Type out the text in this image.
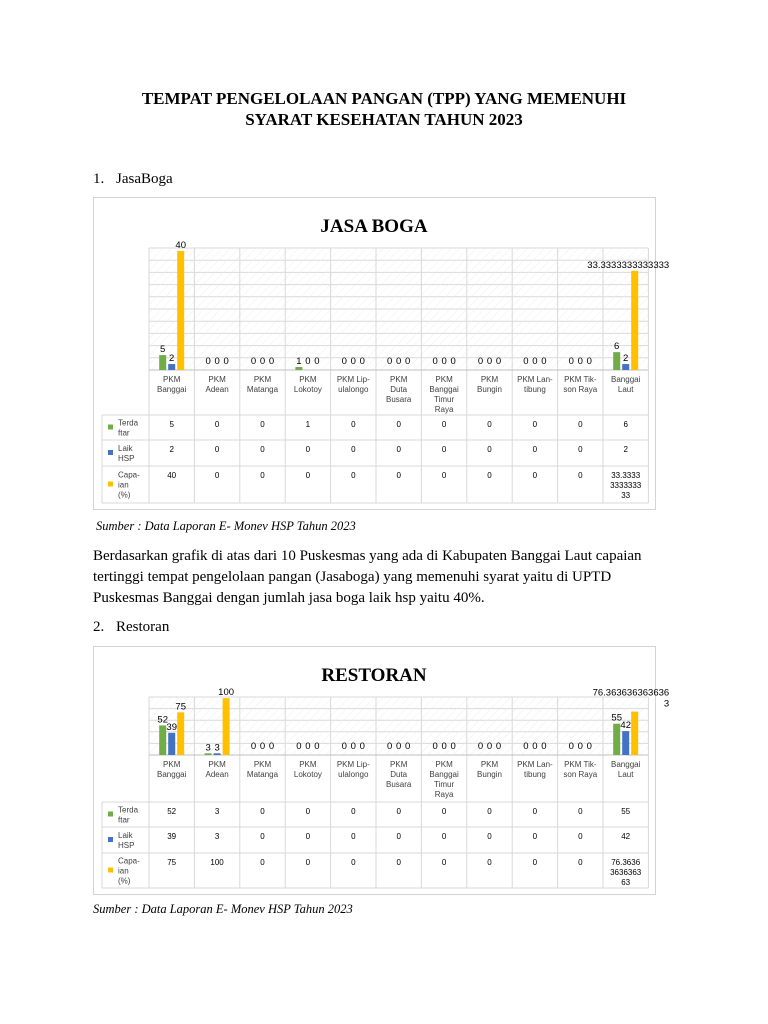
TEMPAT PENGELOLAAN PANGAN (TPP) YANG MEMENUHI
SYARAT KESEHATAN TAHUN 2023
1. JasaBoga
JASA BOGA
5
2
40
PKM Banggai
5
2
40
0 0 0
PKM Adean
0
0
0
0 0 0
PKM Matanga
0
0
0
1 0 0
PKM Lokotoy
1
0
0
0 0 0
PKM Lip-ulalongo
0
0
0
0 0 0
PKM Duta Busara
0
0
0
0 0 0
PKM Banggai Timur Raya
0
0
0
0 0 0
PKM Bungin
0
0
0
0 0 0
PKM Lan-tibung
0
0
0
0 0 0
PKM Tik-son Raya
0
0
0
6
2
33.3333333333333
Banggai Laut
6
2
33.3333 3333333 33
Terda ftar
Laik HSP
Capa-ian (%)
Sumber : Data Laporan E- Monev HSP Tahun 2023
Berdasarkan grafik di atas dari 10 Puskesmas yang ada di Kabupaten Banggai Laut capaian
tertinggi tempat pengelolaan pangan (Jasaboga) yang memenuhi syarat yaitu di UPTD
Puskesmas Banggai dengan jumlah jasa boga laik hsp yaitu 40%.
2. Restoran
RESTORAN
52
39
75
PKM Banggai
52
39
75
3 3
100
PKM Adean
3
3
100
0 0 0
PKM Matanga
0
0
0
0 0 0
PKM Lokotoy
0
0
0
0 0 0
PKM Lip-ulalongo
0
0
0
0 0 0
PKM Duta Busara
0
0
0
0 0 0
PKM Banggai Timur Raya
0
0
0
0 0 0
PKM Bungin
0
0
0
0 0 0
PKM Lan-tibung
0
0
0
0 0 0
PKM Tik-son Raya
0
0
0
55
42
76.363636363636 3
Banggai Laut
55
42
76.3636 3636363 63
Terda ftar
Laik HSP
Capa-ian (%)
Sumber : Data Laporan E- Monev HSP Tahun 2023
